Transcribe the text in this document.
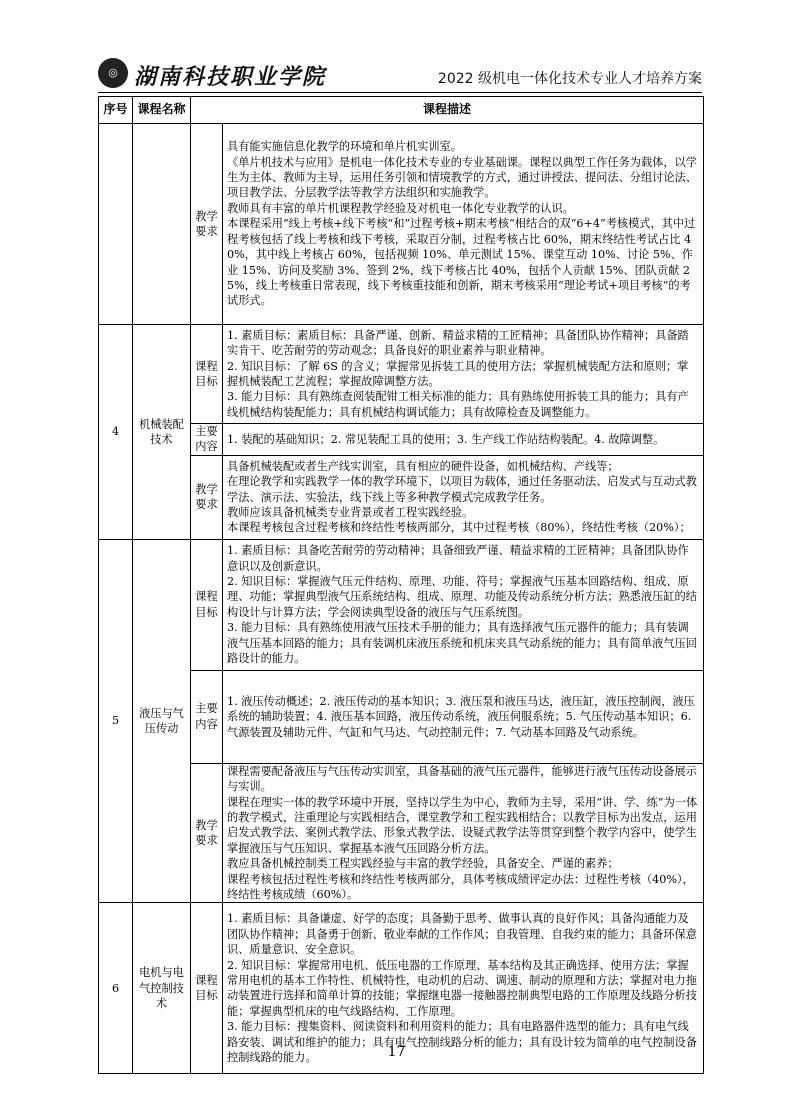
◎ 湖南科技职业学院	2022 级机电一体化技术专业人才培养方案
序号	课程名称	课程描述	
		教学要求	具有能实施信息化教学的环境和单片机实训室。
《单片机技术与应用》是机电一体化技术专业的专业基础课。课程以典型工作任务为载体，以学生为主体、教师为主导，运用任务引领和情境教学的方式，通过讲授法、提问法、分组讨论法、项目教学法、分层教学法等教学方法组织和实施教学。
教师具有丰富的单片机课程教学经验及对机电一体化专业教学的认识。
本课程采用“线上考核+线下考核“和”过程考核+期末考核“相结合的双“6+4”考核模式，其中过程考核包括了线上考核和线下考核，采取百分制，过程考核占比 60%，期末终结性考试占比 40%，其中线上考核占 60%，包括视频 10%、单元测试 15%、课堂互动 10%、讨论 5%、作业 15%、访问及奖励 3%、签到 2%，线下考核占比 40%，包括个人贡献 15%、团队贡献 25%，线上考核重日常表现，线下考核重技能和创新，期末考核采用“理论考试+项目考核“的考试形式。
4	机械装配技术	课程目标	1. 素质目标：素质目标：具备严谨、创新、精益求精的工匠精神；具备团队协作精神；具备踏实肯干、吃苦耐劳的劳动观念；具备良好的职业素养与职业精神。
2. 知识目标：了解 6S 的含义；掌握常见拆装工具的使用方法；掌握机械装配方法和原则；掌握机械装配工艺流程；掌握故障调整方法。
3. 能力目标：具有熟练查阅装配钳工相关标准的能力；具有熟练使用拆装工具的能力；具有产线机械结构装配能力；具有机械结构调试能力；具有故障检查及调整能力。
		主要内容	1. 装配的基础知识；2. 常见装配工具的使用；3. 生产线工作站结构装配。4. 故障调整。
		教学要求	具备机械装配或者生产线实训室，具有相应的硬件设备，如机械结构、产线等；
在理论教学和实践教学一体的教学环境下，以项目为载体，通过任务驱动法、启发式与互动式教学法、演示法、实验法，线下线上等多种教学模式完成教学任务。
教师应该具备机械类专业背景或者工程实践经验。
本课程考核包含过程考核和终结性考核两部分，其中过程考核（80%），终结性考核（20%）；
5	液压与气压传动	课程目标	1. 素质目标：具备吃苦耐劳的劳动精神；具备细致严谨、精益求精的工匠精神；具备团队协作意识以及创新意识。
2. 知识目标：掌握液气压元件结构、原理、功能、符号；掌握液气压基本回路结构、组成、原理、功能；掌握典型液气压系统结构、组成、原理、功能及传动系统分析方法；熟悉液压缸的结构设计与计算方法；学会阅读典型设备的液压与气压系统图。
3. 能力目标：具有熟练使用液气压技术手册的能力；具有选择液气压元器件的能力；具有装调液气压基本回路的能力；具有装调机床液压系统和机床夹具气动系统的能力；具有简单液气压回路设计的能力。
		主要内容	1. 液压传动概述；2. 液压传动的基本知识；3. 液压泵和液压马达，液压缸，液压控制阀，液压系统的辅助装置；4. 液压基本回路，液压传动系统，液压伺服系统；5. 气压传动基本知识；6. 气源装置及辅助元件、气缸和气马达、气动控制元件；7. 气动基本回路及气动系统。
		教学要求	课程需要配备液压与气压传动实训室，具备基础的液气压元器件，能够进行液气压传动设备展示与实训。
课程在理实一体的教学环境中开展，坚持以学生为中心，教师为主导，采用“讲、学、练”为一体的教学模式，注重理论与实践相结合，课堂教学和工程实践相结合；以教学目标为出发点，运用启发式教学法、案例式教学法、形象式教学法、设疑式教学法等贯穿到整个教学内容中，使学生掌握液压与气压知识、掌握基本液气压回路分析方法。
教应具备机械控制类工程实践经验与丰富的教学经验，具备安全、严谨的素养；
课程考核包括过程性考核和终结性考核两部分，具体考核成绩评定办法：过程性考核（40%），终结性考核成绩（60%）。
6	电机与电气控制技术	课程目标	1. 素质目标：具备谦虚、好学的态度；具备勤于思考、做事认真的良好作风；具备沟通能力及团队协作精神；具备勇于创新、敬业奉献的工作作风；自我管理、自我约束的能力；具备环保意识、质量意识、安全意识。
2. 知识目标：掌握常用电机、低压电器的工作原理、基本结构及其正确选择、使用方法；掌握常用电机的基本工作特性、机械特性，电动机的启动、调速、制动的原理和方法；掌握对电力拖动装置进行选择和简单计算的技能；掌握继电器一接触器控制典型电路的工作原理及线路分析技能；掌握典型机床的电气线路结构、工作原理。
3. 能力目标：搜集资料、阅读资料和利用资料的能力；具有电路器件选型的能力；具有电气线路安装、调试和维护的能力；具有电气控制线路分析的能力；具有设计较为简单的电气控制设备控制线路的能力。	17
